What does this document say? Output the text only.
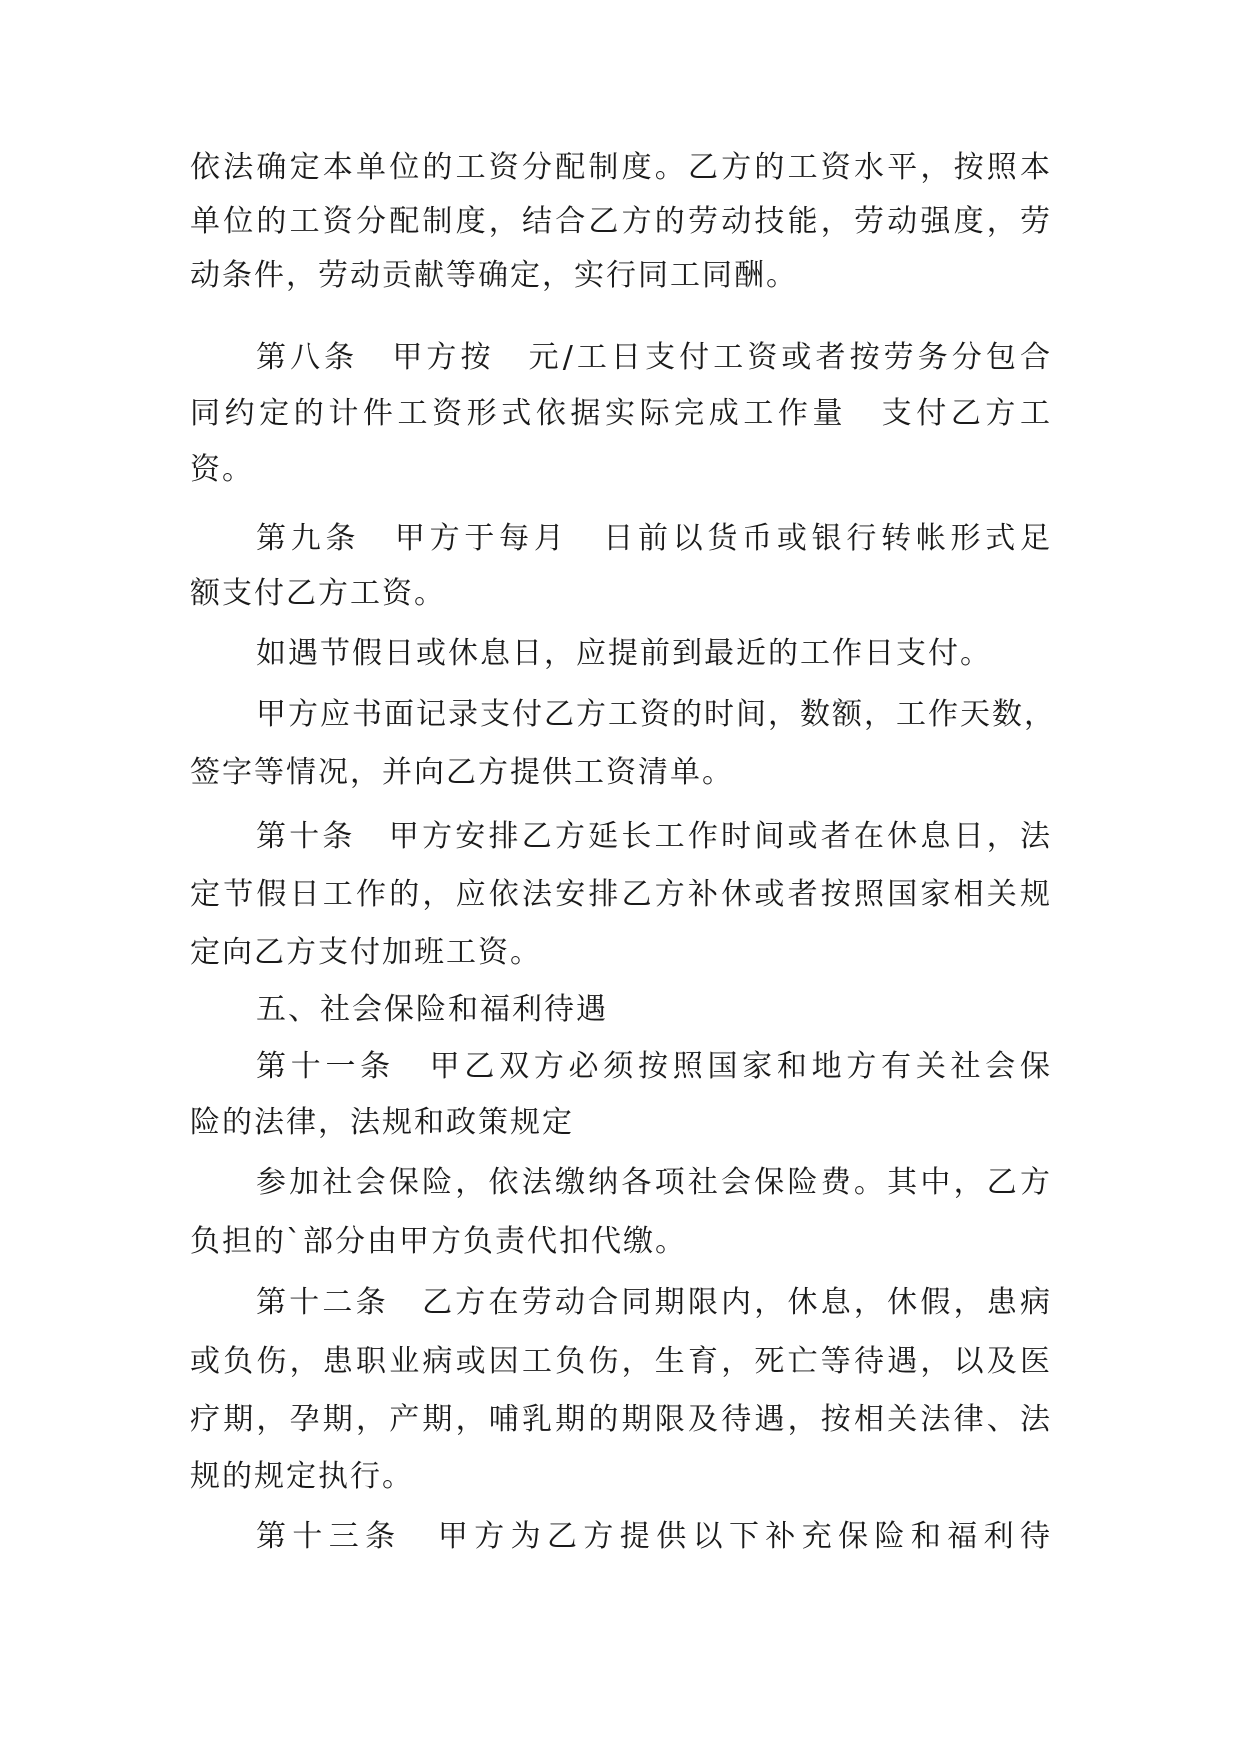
依法确定本单位的工资分配制度。乙方的工资水平，按照本
单位的工资分配制度，结合乙方的劳动技能，劳动强度，劳
动条件，劳动贡献等确定，实行同工同酬。
第八条　甲方按　元/工日支付工资或者按劳务分包合
同约定的计件工资形式依据实际完成工作量　支付乙方工
资。
第九条　甲方于每月　日前以货币或银行转帐形式足
额支付乙方工资。
如遇节假日或休息日，应提前到最近的工作日支付。
甲方应书面记录支付乙方工资的时间，数额，工作天数，
签字等情况，并向乙方提供工资清单。
第十条　甲方安排乙方延长工作时间或者在休息日，法
定节假日工作的，应依法安排乙方补休或者按照国家相关规
定向乙方支付加班工资。
五、社会保险和福利待遇
第十一条　甲乙双方必须按照国家和地方有关社会保
险的法律，法规和政策规定
参加社会保险，依法缴纳各项社会保险费。其中，乙方
负担的`部分由甲方负责代扣代缴。
第十二条　乙方在劳动合同期限内，休息，休假，患病
或负伤，患职业病或因工负伤，生育，死亡等待遇，以及医
疗期，孕期，产期，哺乳期的期限及待遇，按相关法律、法
规的规定执行。
第十三条　甲方为乙方提供以下补充保险和福利待
